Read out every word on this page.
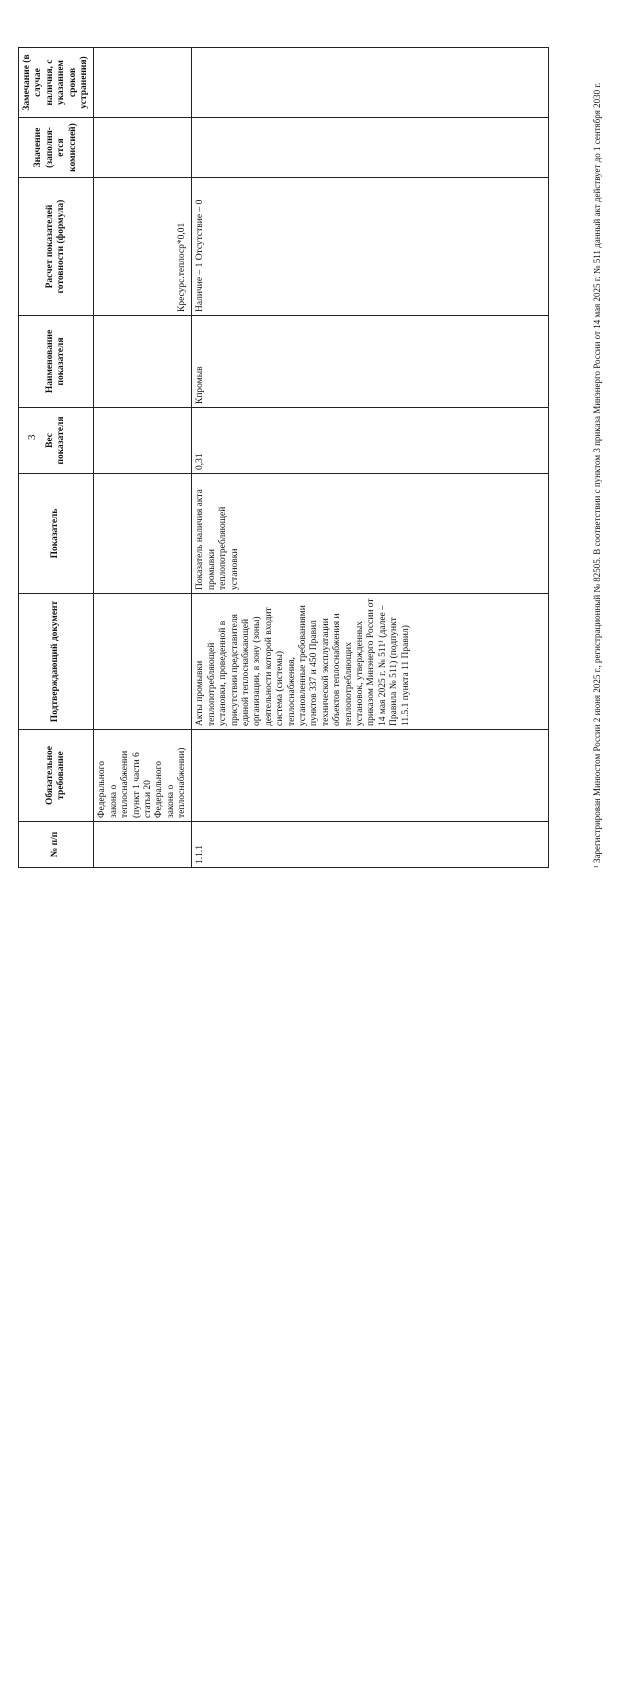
3
№ п/п	Обязательное требование	Подтверждающий документ	Показатель	Вес показателя	Наименование показателя	Расчет показателей готовности (формула)	Значение (заполня- ется комиссией)	Замечание (в случае наличия, с указанием сроков устранения)
	Федерального закона о теплоснабжении (пункт 1 части 6 статьи 20 Федерального закона о теплоснабжении)					Кресурс.теплоср*0,01		
1.1.1		Акты промывки теплопотребляющей установки, проведенной в присутствии представителя единой теплоснабжающей организации, в зону (зоны) деятельности которой входит система (системы) теплоснабжения, установленные требованиями пунктов 337 и 450 Правил технической эксплуатации объектов теплоснабжения и теплопотребляющих установок, утвержденных приказом Минэнерго России от 14 мая 2025 г. № 511¹ (далее – Правила № 511) (подпункт 11.5.1 пункта 11 Правил)	Показатель наличия акта промывки теплопотребляющей установки	0,31	Кпромыв	Наличие – 1 Отсутствие – 0			¹ Зарегистрирован Минюстом России 2 июня 2025 г., регистрационный № 82505. В соответствии с пунктом 3 приказа Минэнерго России от 14 мая 2025 г. № 511 данный акт действует до 1 сентября 2030 г.
